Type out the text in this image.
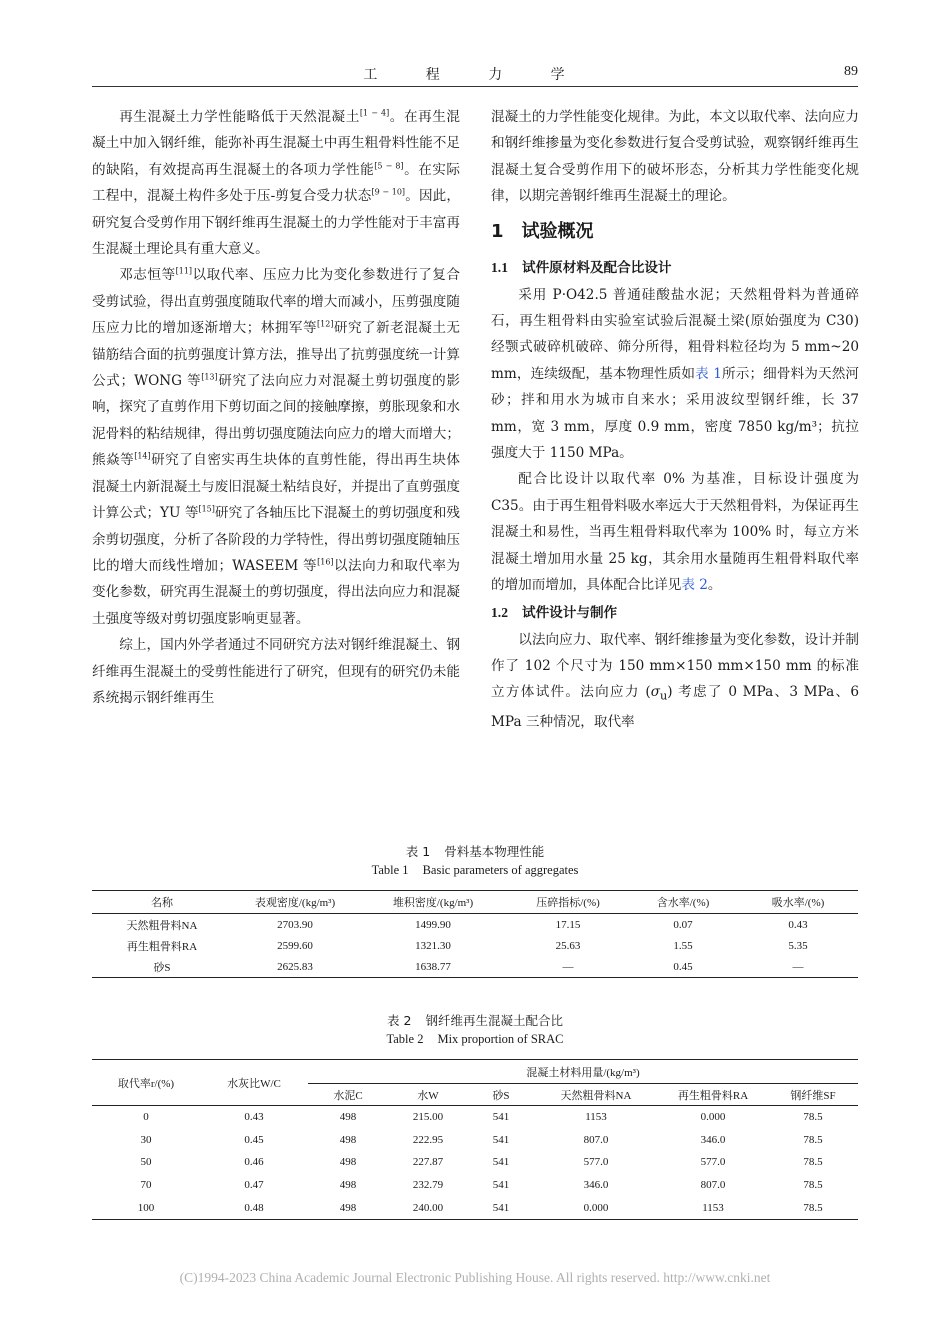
工 程 力 学	89

再生混凝土力学性能略低于天然混凝土[1 − 4]。在再生混凝土中加入钢纤维，能弥补再生混凝土中再生粗骨料性能不足的缺陷，有效提高再生混凝土的各项力学性能[5 − 8]。在实际工程中，混凝土构件多处于压-剪复合受力状态[9 − 10]。因此，研究复合受剪作用下钢纤维再生混凝土的力学性能对于丰富再生混凝土理论具有重大意义。

邓志恒等[11]以取代率、压应力比为变化参数进行了复合受剪试验，得出直剪强度随取代率的增大而减小，压剪强度随压应力比的增加逐渐增大；林拥军等[12]研究了新老混凝土无锚筋结合面的抗剪强度计算方法，推导出了抗剪强度统一计算公式；WONG 等[13]研究了法向应力对混凝土剪切强度的影响，探究了直剪作用下剪切面之间的接触摩擦，剪胀现象和水泥骨料的粘结规律，得出剪切强度随法向应力的增大而增大；熊焱等[14]研究了自密实再生块体的直剪性能，得出再生块体混凝土内新混凝土与废旧混凝土粘结良好，并提出了直剪强度计算公式；YU 等[15]研究了各轴压比下混凝土的剪切强度和残余剪切强度，分析了各阶段的力学特性，得出剪切强度随轴压比的增大而线性增加；WASEEM 等[16]以法向力和取代率为变化参数，研究再生混凝土的剪切强度，得出法向应力和混凝土强度等级对剪切强度影响更显著。

综上，国内外学者通过不同研究方法对钢纤维混凝土、钢纤维再生混凝土的受剪性能进行了研究，但现有的研究仍未能系统揭示钢纤维再生

混凝土的力学性能变化规律。为此，本文以取代率、法向应力和钢纤维掺量为变化参数进行复合受剪试验，观察钢纤维再生混凝土复合受剪作用下的破坏形态，分析其力学性能变化规律，以期完善钢纤维再生混凝土的理论。

1 试验概况
1.1 试件原材料及配合比设计

采用 P·O42.5 普通硅酸盐水泥；天然粗骨料为普通碎石，再生粗骨料由实验室试验后混凝土梁(原始强度为 C30) 经颚式破碎机破碎、筛分所得，粗骨料粒径均为 5 mm~20 mm，连续级配，基本物理性质如表 1所示；细骨料为天然河砂；拌和用水为城市自来水；采用波纹型钢纤维，长 37 mm，宽 3 mm，厚度 0.9 mm，密度 7850 kg/m³；抗拉强度大于 1150 MPa。

配合比设计以取代率 0% 为基准，目标设计强度为 C35。由于再生粗骨料吸水率远大于天然粗骨料，为保证再生混凝土和易性，当再生粗骨料取代率为 100% 时，每立方米混凝土增加用水量 25 kg，其余用水量随再生粗骨料取代率的增加而增加，具体配合比详见表 2。

1.2 试件设计与制作

以法向应力、取代率、钢纤维掺量为变化参数，设计并制作了 102 个尺寸为 150 mm×150 mm×150 mm 的标准立方体试件。法向应力 $(\sigma_u)$ 考虑了 0 MPa、3 MPa、6 MPa 三种情况，取代率

表 1 骨料基本物理性能
Table 1 Basic parameters of aggregates
名称	表观密度/(kg/m³)	堆积密度/(kg/m³)	压碎指标/(%)	含水率/(%)	吸水率/(%)
天然粗骨料NA	2703.90	1499.90	17.15	0.07	0.43
再生粗骨料RA	2599.60	1321.30	25.63	1.55	5.35
砂S	2625.83	1638.77	—	0.45	—
表 2 钢纤维再生混凝土配合比
Table 2 Mix proportion of SRAC
取代率r/(%)	水灰比W/C	混凝土材料用量/(kg/m³)					
		水泥C	水W	砂S	天然粗骨料NA	再生粗骨料RA	钢纤维SF
0	0.43	498	215.00	541	1153	0.000	78.5
30	0.45	498	222.95	541	807.0	346.0	78.5
50	0.46	498	227.87	541	577.0	577.0	78.5
70	0.47	498	232.79	541	346.0	807.0	78.5
100	0.48	498	240.00	541	0.000	1153	78.5
(C)1994-2023 China Academic Journal Electronic Publishing House. All rights reserved. http://www.cnki.net
